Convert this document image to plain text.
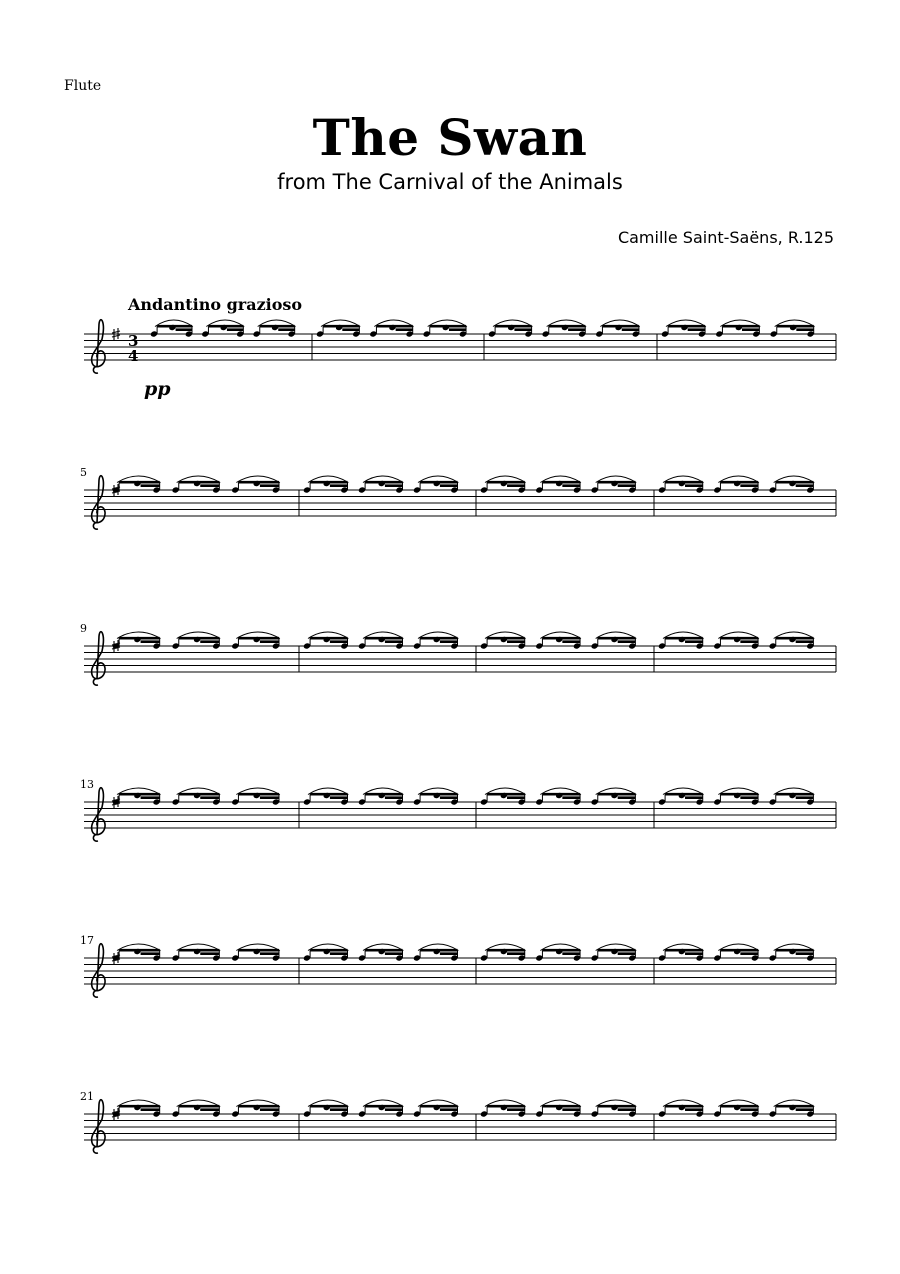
Flute
The Swan
from The Carnival of the Animals
Camille Saint-Saëns, R.125
Andantino grazioso
pp
5
9
13
17
21
3
4
